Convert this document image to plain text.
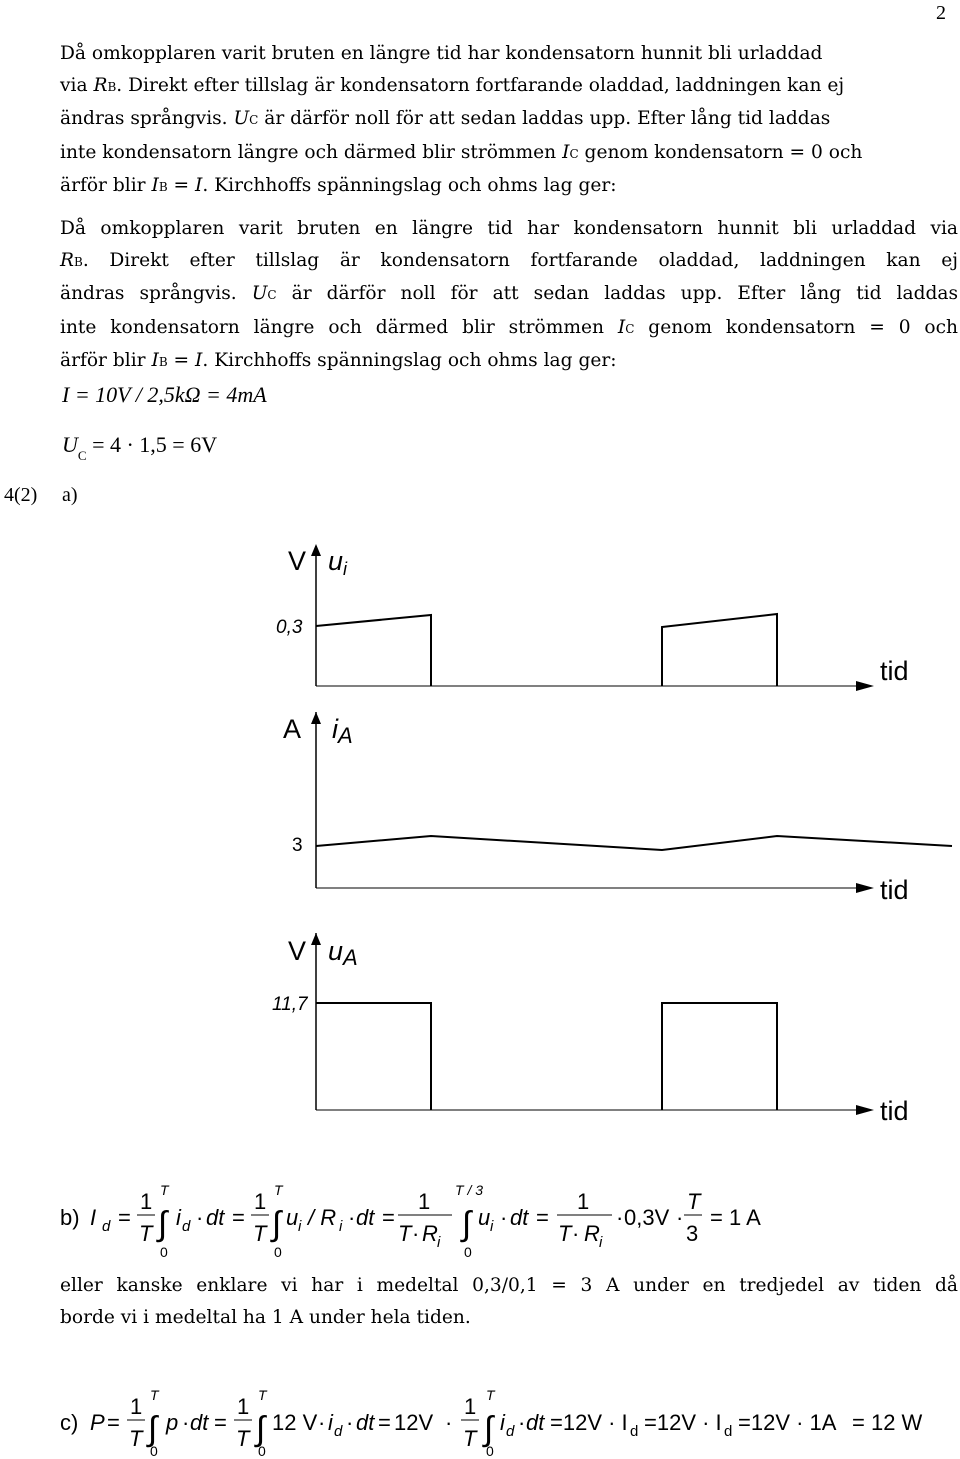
2
Då omkopplaren varit bruten en längre tid har kondensatorn hunnit bli urladdad
via RB. Direkt efter tillslag är kondensatorn fortfarande oladdad, laddningen kan ej
ändras språngvis. UC är därför noll för att sedan laddas upp. Efter lång tid laddas
inte kondensatorn längre och därmed blir strömmen IC genom kondensatorn = 0 och
ärför blir IB = I. Kirchhoffs spänningslag och ohms lag ger:
Då omkopplaren varit bruten en längre tid har kondensatorn hunnit bli urladdad via
RB. Direkt efter tillslag är kondensatorn fortfarande oladdad, laddningen kan ej
ändras språngvis. UC är därför noll för att sedan laddas upp. Efter lång tid laddas
inte kondensatorn längre och därmed blir strömmen IC genom kondensatorn = 0 och
ärför blir IB = I. Kirchhoffs spänningslag och ohms lag ger:
I = 10V / 2,5kΩ = 4mA
$U_C = 4 \cdot 1,5 = 6V$
4(2) a)
V ui
0,3
tid
A iA
3
tid
V uA
11,7
tid
b) I d =
1
T
T
∫
0
i d · dt =
1
T
T
∫
0
u i / R i · dt =
1
T · R i
T / 3
∫
0
u i · dt =
1
T · R i
· 0,3V ·
T
3
= 1 A
eller kanske enklare vi har i medeltal 0,3/0,1 = 3 A under en tredjedel av tiden då
borde vi i medeltal ha 1 A under hela tiden.
c) P =
1
T
T
∫
0
p · dt =
1
T
T
∫
0
12 V · i d · dt = 12V ·
1
T
T
∫
0
i d · dt =12V · I d =12V · I d =12V · 1A = 12 W
